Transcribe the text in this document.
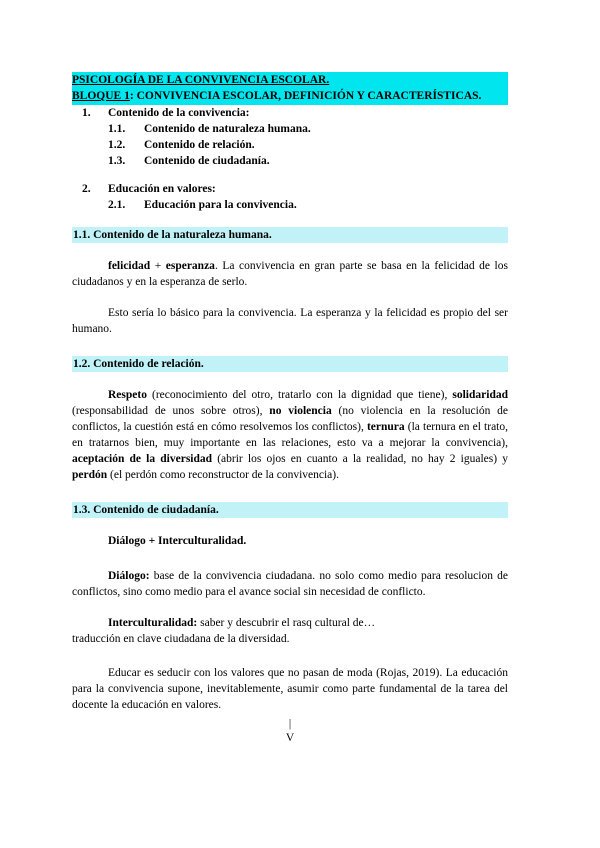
PSICOLOGÍA DE LA CONVIVENCIA ESCOLAR.
BLOQUE 1: CONVIVENCIA ESCOLAR, DEFINICIÓN Y CARACTERÍSTICAS.
1. Contenido de la convivencia:
1.1. Contenido de naturaleza humana.
1.2. Contenido de relación.
1.3. Contenido de ciudadanía.
2. Educación en valores:
2.1. Educación para la convivencia.
1.1. Contenido de la naturaleza humana.

felicidad + esperanza. La convivencia en gran parte se basa en la felicidad de los ciudadanos y en la esperanza de serlo.

Esto sería lo básico para la convivencia. La esperanza y la felicidad es propio del ser humano.

1.2. Contenido de relación.

Respeto (reconocimiento del otro, tratarlo con la dignidad que tiene), solidaridad (responsabilidad de unos sobre otros), no violencia (no violencia en la resolución de conflictos, la cuestión está en cómo resolvemos los conflictos), ternura (la ternura en el trato, en tratarnos bien, muy importante en las relaciones, esto va a mejorar la convivencia), aceptación de la diversidad (abrir los ojos en cuanto a la realidad, no hay 2 iguales) y perdón (el perdón como reconstructor de la convivencia).

1.3. Contenido de ciudadanía.

Diálogo + Interculturalidad.

Diálogo: base de la convivencia ciudadana. no solo como medio para resolucion de conflictos, sino como medio para el avance social sin necesidad de conflicto.

Interculturalidad: saber y descubrir el rasq cultural de…

traducción en clave ciudadana de la diversidad.

Educar es seducir con los valores que no pasan de moda (Rojas, 2019). La educación para la convivencia supone, inevitablemente, asumir como parte fundamental de la tarea del docente la educación en valores.

|

V
